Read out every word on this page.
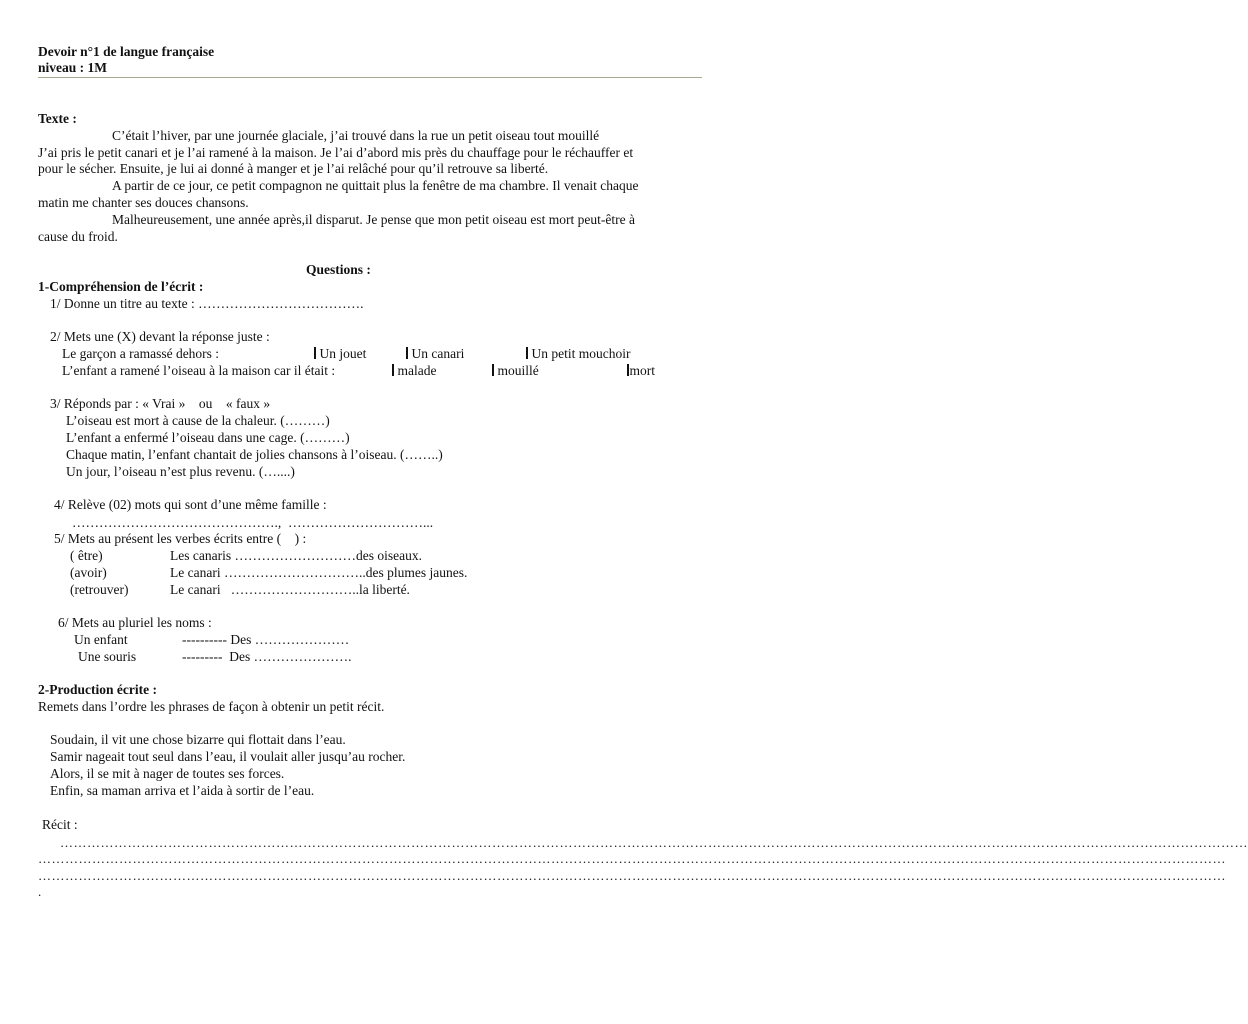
Devoir n°1 de langue française
niveau : 1M
Texte :
C’était l’hiver, par une journée glaciale, j’ai trouvé dans la rue un petit oiseau tout mouillé
J’ai pris le petit canari et je l’ai ramené à la maison. Je l’ai d’abord mis près du chauffage pour le réchauffer et
pour le sécher. Ensuite, je lui ai donné à manger et je l’ai relâché pour qu’il retrouve sa liberté.
A partir de ce jour, ce petit compagnon ne quittait plus la fenêtre de ma chambre. Il venait chaque
matin me chanter ses douces chansons.
Malheureusement, une année après,il disparut. Je pense que mon petit oiseau est mort peut-être à
cause du froid.
Questions :
1-Compréhension de l’écrit :
1/ Donne un titre au texte : ……………………………….
2/ Mets une (X) devant la réponse juste :
Le garçon a ramassé dehors :	Un jouet	Un canari	Un petit mouchoir
L’enfant a ramené l’oiseau à la maison car il était :	malade	mouillé	mort
3/ Réponds par : « Vrai »    ou    « faux »
L’oiseau est mort à cause de la chaleur. (………)
L’enfant a enfermé l’oiseau dans une cage. (………)
Chaque matin, l’enfant chantait de jolies chansons à l’oiseau. (……..)
Un jour, l’oiseau n’est plus revenu. (…....)
4/ Relève (02) mots qui sont d’une même famille :
……………………………………….,  …………………………...
5/ Mets au présent les verbes écrits entre (    ) :
( être)	Les canaris ………………………des oiseaux.
(avoir)	Le canari …………………………..des plumes jaunes.
(retrouver)	Le canari   ………………………..la liberté.
6/ Mets au pluriel les noms :
Un enfant	---------- Des …………………
Une souris	---------  Des ………………….
2-Production écrite :
Remets dans l’ordre les phrases de façon à obtenir un petit récit.
Soudain, il vit une chose bizarre qui flottait dans l’eau.
Samir nageait tout seul dans l’eau, il voulait aller jusqu’au rocher.
Alors, il se mit à nager de toutes ses forces.
Enfin, sa maman arriva et l’aida à sortir de l’eau.
Récit :
…………………………………………………………………………………………………………………………………………………………………………………………………………………………………………
…………………………………………………………………………………………………………………………………………………………………………………………………………………………………………
…………………………………………………………………………………………………………………………………………………………………………………………………………………………………………
.
